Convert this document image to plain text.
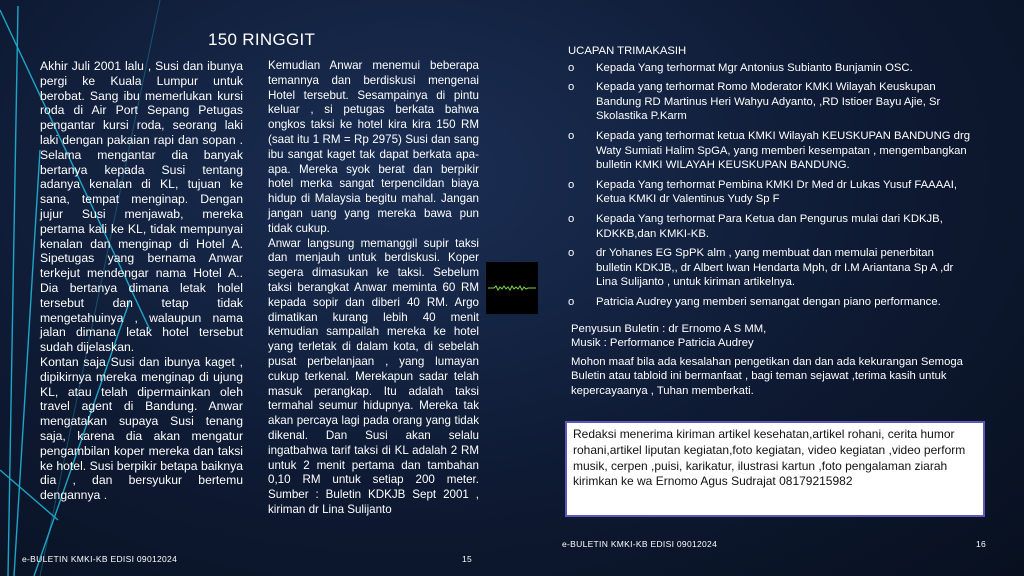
150 RINGGIT

Akhir Juli 2001 lalu , Susi dan ibunya pergi ke Kuala Lumpur untuk berobat. Sang ibu memerlukan kursi roda di Air Port Sepang Petugas pengantar kursi roda, seorang laki laki dengan pakaian rapi dan sopan . Selama mengantar dia banyak bertanya kepada Susi tentang adanya kenalan di KL, tujuan ke sana, tempat menginap. Dengan jujur Susi menjawab, mereka pertama kali ke KL, tidak mempunyai kenalan dan menginap di Hotel A. Sipetugas yang bernama Anwar terkejut mendengar nama Hotel A.. Dia bertanya dimana letak holel tersebut dan tetap tidak mengetahuinya , walaupun nama jalan dimana letak hotel tersebut sudah dijelaskan.

Kontan saja Susi dan ibunya kaget , dipikirnya mereka menginap di ujung KL, atau telah dipermainkan oleh travel agent di Bandung. Anwar mengatakan supaya Susi tenang saja, karena dia akan mengatur pengambilan koper mereka dan taksi ke hotel. Susi berpikir betapa baiknya dia , dan bersyukur bertemu dengannya .

Kemudian Anwar menemui beberapa temannya dan berdiskusi mengenai Hotel tersebut. Sesampainya di pintu keluar , si petugas berkata bahwa ongkos taksi ke hotel kira kira 150 RM (saat itu 1 RM = Rp 2975) Susi dan sang ibu sangat kaget tak dapat berkata apa-apa. Mereka syok berat dan berpikir hotel merka sangat terpencildan biaya hidup di Malaysia begitu mahal. Jangan jangan uang yang mereka bawa pun tidak cukup.

Anwar langsung memanggil supir taksi dan menjauh untuk berdiskusi. Koper segera dimasukan ke taksi. Sebelum taksi berangkat Anwar meminta 60 RM kepada sopir dan diberi 40 RM. Argo dimatikan kurang lebih 40 menit kemudian sampailah mereka ke hotel yang terletak di dalam kota, di sebelah pusat perbelanjaan , yang lumayan cukup terkenal. Merekapun sadar telah masuk perangkap. Itu adalah taksi termahal seumur hidupnya. Mereka tak akan percaya lagi pada orang yang tidak dikenal. Dan Susi akan selalu ingatbahwa tarif taksi di KL adalah 2 RM untuk 2 menit pertama dan tambahan 0,10 RM untuk setiap 200 meter. Sumber : Buletin KDKJB Sept 2001 , kiriman dr Lina Sulijanto

UCAPAN TRIMAKASIH

o Kepada Yang terhormat Mgr Antonius Subianto Bunjamin OSC.
o Kepada yang terhormat Romo Moderator KMKI Wilayah Keuskupan Bandung RD Martinus Heri Wahyu Adyanto, ,RD Istioer Bayu Ajie, Sr Skolastika P.Karm
o Kepada yang terhormat ketua KMKI Wilayah KEUSKUPAN BANDUNG drg Waty Sumiati Halim SpGA, yang memberi kesempatan , mengembangkan bulletin KMKI WILAYAH KEUSKUPAN BANDUNG.
o Kepada Yang terhormat Pembina KMKI Dr Med dr Lukas Yusuf FAAAAI, Ketua KMKI dr Valentinus Yudy Sp F
o Kepada Yang terhormat Para Ketua dan Pengurus mulai dari KDKJB, KDKKB,dan KMKI-KB.
o dr Yohanes EG SpPK alm , yang membuat dan memulai penerbitan bulletin KDKJB,, dr Albert Iwan Hendarta Mph, dr I.M Ariantana Sp A ,dr Lina Sulijanto , untuk kiriman artikelnya.
o Patricia Audrey yang memberi semangat dengan piano performance.

Penyusun Buletin : dr Ernomo A S MM,

Musik : Performance Patricia Audrey

Mohon maaf bila ada kesalahan pengetikan dan dan ada kekurangan Semoga Buletin atau tabloid ini bermanfaat , bagi teman sejawat ,terima kasih untuk kepercayaanya , Tuhan memberkati.

Redaksi menerima kiriman artikel kesehatan,artikel rohani, cerita humor rohani,artikel liputan kegiatan,foto kegiatan, video kegiatan ,video perform musik, cerpen ,puisi, karikatur, ilustrasi kartun ,foto pengalaman ziarah kirimkan ke wa Ernomo Agus Sudrajat 08179215982
e-BULETIN KMKI-KB EDISI 09012024	15
e-BULETIN KMKI-KB EDISI 09012024	16
